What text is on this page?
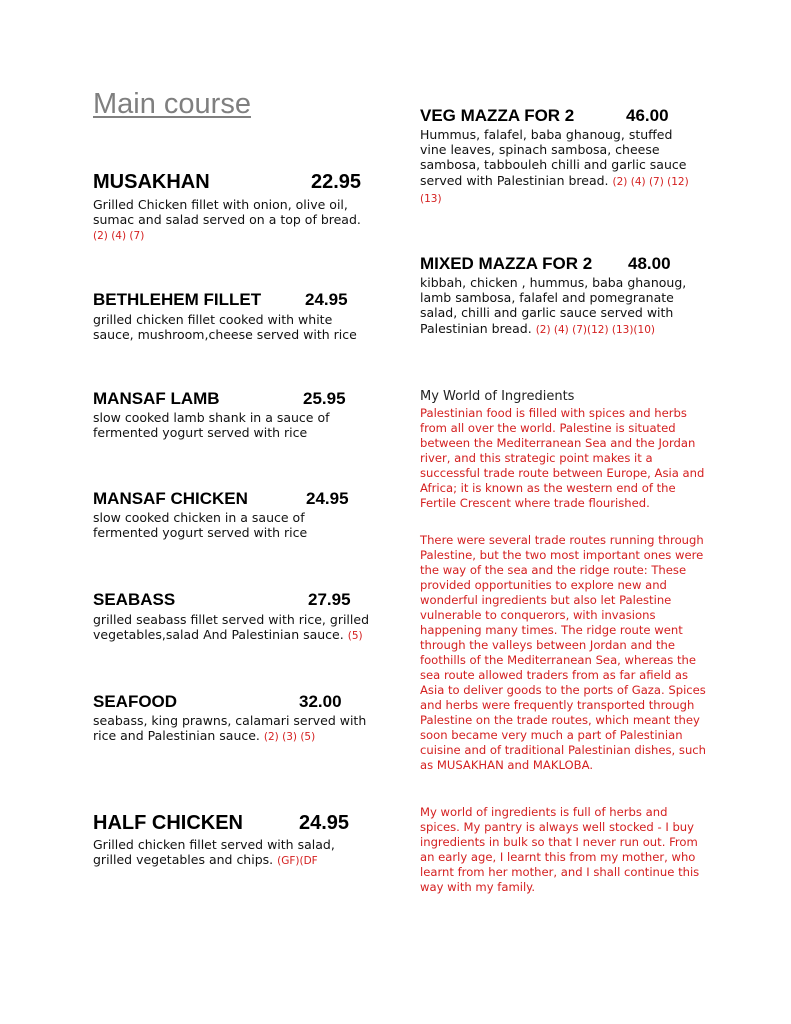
Main course
MUSAKHAN	22.95
Grilled Chicken fillet with onion, olive oil, sumac and salad served on a top of bread. (2) (4) (7)
BETHLEHEM FILLET	24.95
grilled chicken fillet cooked with white sauce, mushroom,cheese served with rice
MANSAF LAMB	25.95
slow cooked lamb shank in a sauce of fermented yogurt served with rice
MANSAF CHICKEN	24.95
slow cooked chicken in a sauce of fermented yogurt served with rice
SEABASS	27.95
grilled seabass fillet served with rice, grilled vegetables,salad And Palestinian sauce. (5)
SEAFOOD	32.00
seabass, king prawns, calamari served with rice and Palestinian sauce. (2) (3) (5)
HALF CHICKEN	24.95
Grilled chicken fillet served with salad, grilled vegetables and chips. (GF)(DF
VEG MAZZA FOR 2	46.00
Hummus, falafel, baba ghanoug, stuffed vine leaves, spinach sambosa, cheese sambosa, tabbouleh chilli and garlic sauce served with Palestinian bread. (2) (4) (7) (12) (13)
MIXED MAZZA FOR 2 48.00
kibbah, chicken , hummus, baba ghanoug, lamb sambosa, falafel and pomegranate salad, chilli and garlic sauce served with Palestinian bread. (2) (4) (7)(12) (13)(10)
My World of Ingredients
Palestinian food is filled with spices and herbs from all over the world. Palestine is situated between the Mediterranean Sea and the Jordan river, and this strategic point makes it a successful trade route between Europe, Asia and Africa; it is known as the western end of the Fertile Crescent where trade flourished.
There were several trade routes running through Palestine, but the two most important ones were the way of the sea and the ridge route: These provided opportunities to explore new and wonderful ingredients but also let Palestine vulnerable to conquerors, with invasions happening many times. The ridge route went through the valleys between Jordan and the foothills of the Mediterranean Sea, whereas the sea route allowed traders from as far afield as Asia to deliver goods to the ports of Gaza. Spices and herbs were frequently transported through Palestine on the trade routes, which meant they soon became very much a part of Palestinian cuisine and of traditional Palestinian dishes, such as MUSAKHAN and MAKLOBA.
My world of ingredients is full of herbs and spices. My pantry is always well stocked - I buy ingredients in bulk so that I never run out. From an early age, I learnt this from my mother, who learnt from her mother, and I shall continue this way with my family.
